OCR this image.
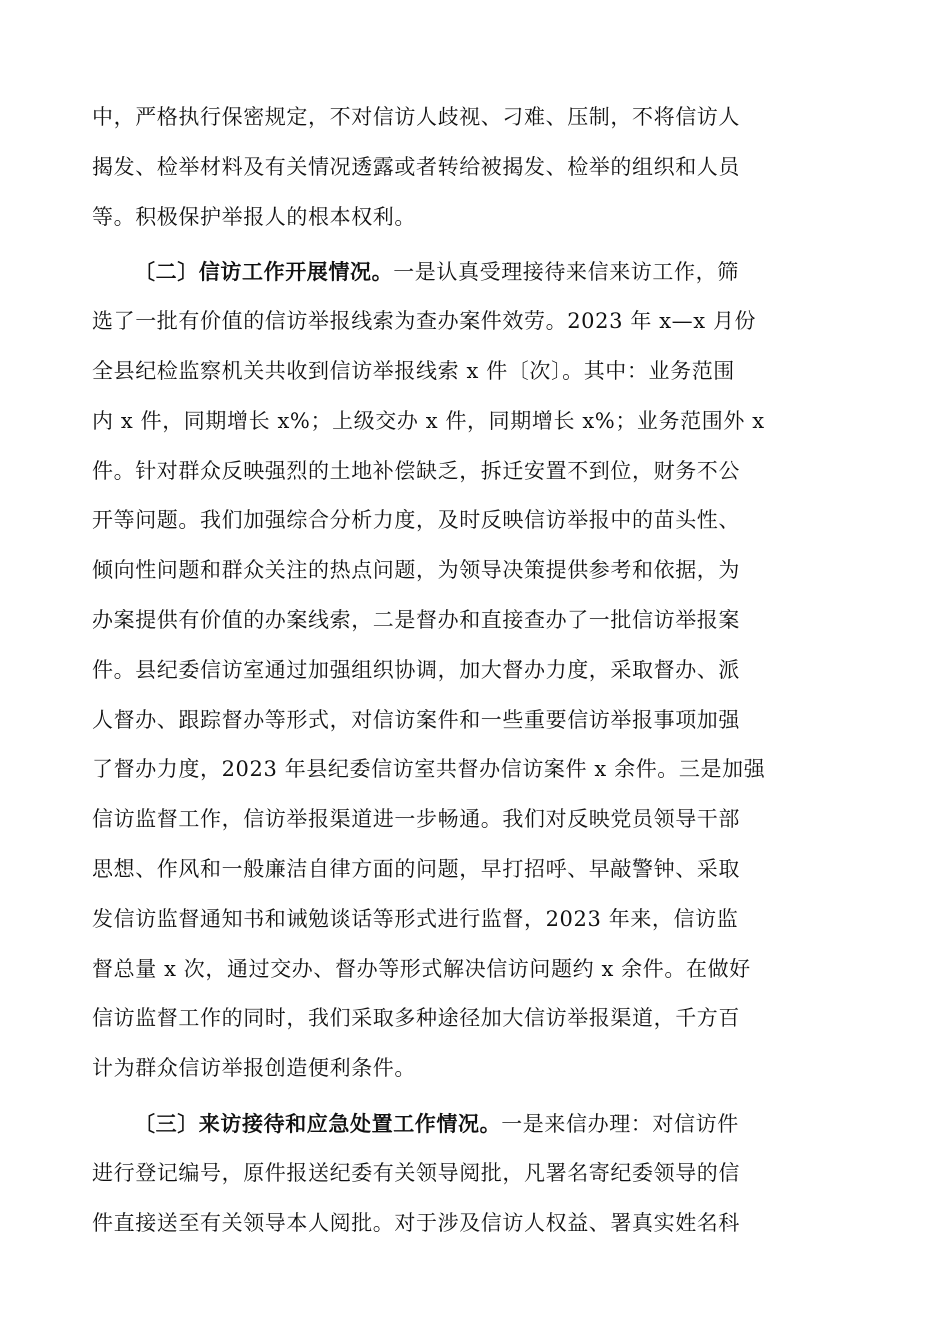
中，严格执行保密规定，不对信访人歧视、刁难、压制，不将信访人
揭发、检举材料及有关情况透露或者转给被揭发、检举的组织和人员
等。积极保护举报人的根本权利。
〔二〕信访工作开展情况。一是认真受理接待来信来访工作，筛
选了一批有价值的信访举报线索为查办案件效劳。2023 年 x—x 月份
全县纪检监察机关共收到信访举报线索 x 件〔次〕。其中：业务范围
内 x 件，同期增长 x%；上级交办 x 件，同期增长 x%；业务范围外 x
件。针对群众反映强烈的土地补偿缺乏，拆迁安置不到位，财务不公
开等问题。我们加强综合分析力度，及时反映信访举报中的苗头性、
倾向性问题和群众关注的热点问题，为领导决策提供参考和依据，为
办案提供有价值的办案线索，二是督办和直接查办了一批信访举报案
件。县纪委信访室通过加强组织协调，加大督办力度，采取督办、派
人督办、跟踪督办等形式，对信访案件和一些重要信访举报事项加强
了督办力度，2023 年县纪委信访室共督办信访案件 x 余件。三是加强
信访监督工作，信访举报渠道进一步畅通。我们对反映党员领导干部
思想、作风和一般廉洁自律方面的问题，早打招呼、早敲警钟、采取
发信访监督通知书和诫勉谈话等形式进行监督，2023 年来，信访监
督总量 x 次，通过交办、督办等形式解决信访问题约 x 余件。在做好
信访监督工作的同时，我们采取多种途径加大信访举报渠道，千方百
计为群众信访举报创造便利条件。
〔三〕来访接待和应急处置工作情况。一是来信办理：对信访件
进行登记编号，原件报送纪委有关领导阅批，凡署名寄纪委领导的信
件直接送至有关领导本人阅批。对于涉及信访人权益、署真实姓名科
